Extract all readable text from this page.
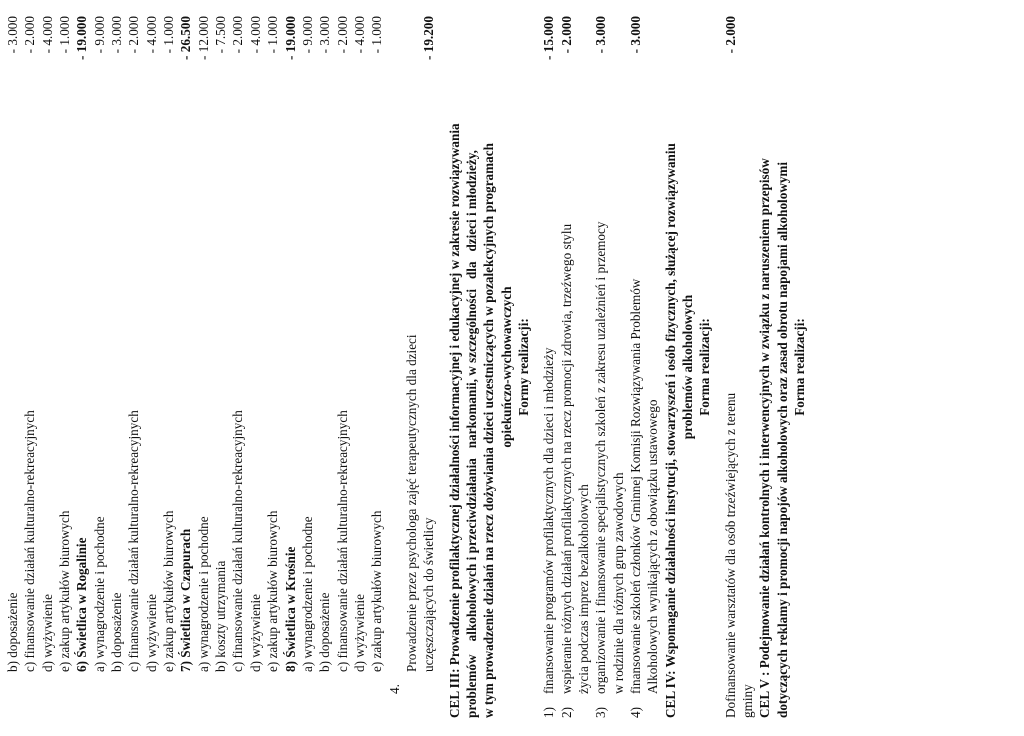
b) doposażenie
- 3.000
c) finansowanie działań kulturalno-rekreacyjnych
- 2.000
d) wyżywienie
- 4.000
e) zakup artykułów biurowych
- 1.000
6) Świetlica w Rogalinie
- 19.000
a) wynagrodzenie i pochodne
- 9.000
b) doposażenie
- 3.000
c) finansowanie działań kulturalno-rekreacyjnych
- 2.000
d) wyżywienie
- 4.000
e) zakup artykułów biurowych
- 1.000
7) Świetlica w Czapurach
- 26.500
a) wynagrodzenie i pochodne
- 12.000
b) koszty utrzymania
- 7.500
c) finansowanie działań kulturalno-rekreacyjnych
- 2.000
d) wyżywienie
- 4.000
e) zakup artykułów biurowych
- 1.000
8) Świetlica w Krośnie
- 19.000
a) wynagrodzenie i pochodne
- 9.000
b) doposażenie
- 3.000
c) finansowanie działań kulturalno-rekreacyjnych
- 2.000
d) wyżywienie
- 4.000
e) zakup artykułów biurowych
- 1.000
4.
Prowadzenie przez psychologa zajęć terapeutycznych dla dzieci uczęszczających do świetlicy
- 19.200
CEL III: Prowadzenie profilaktycznej działalności informacyjnej i edukacyjnej w zakresie rozwiązywania problemów    alkoholowych i przeciwdziałania   narkomanii, w szczególności   dla   dzieci i młodzieży, w tym prowadzenie działań na rzecz dożywiania dzieci uczestniczących w pozalekcyjnych programach opiekuńczo-wychowawczych Formy realizacji:
1)
finansowanie programów profilaktycznych dla dzieci i młodzieży
- 15.000
2)
wspieranie różnych działań profilaktycznych na rzecz promocji zdrowia, trzeźwego stylu
- 2.000
życia podczas imprez bezalkoholowych
3)
organizowanie i finansowanie specjalistycznych szkoleń z zakresu uzależnień i przemocy
- 3.000
w rodzinie dla różnych grup zawodowych
4)
finansowanie szkoleń członków Gminnej Komisji Rozwiązywania Problemów
- 3.000
Alkoholowych wynikających z obowiązku ustawowego CEL IV: Wspomaganie działalności instytucji, stowarzyszeń i osób fizycznych, służącej rozwiązywaniu problemów alkoholowych Forma realizacji:
Dofinansowanie warsztatów dla osób trzeźwiejących z terenu
- 2.000
gminy CEL V : Podejmowanie działań kontrolnych i interwencyjnych w związku z naruszeniem przepisów dotyczących reklamy i promocji napojów alkoholowych oraz zasad obrotu napojami alkoholowymi Forma realizacji:
